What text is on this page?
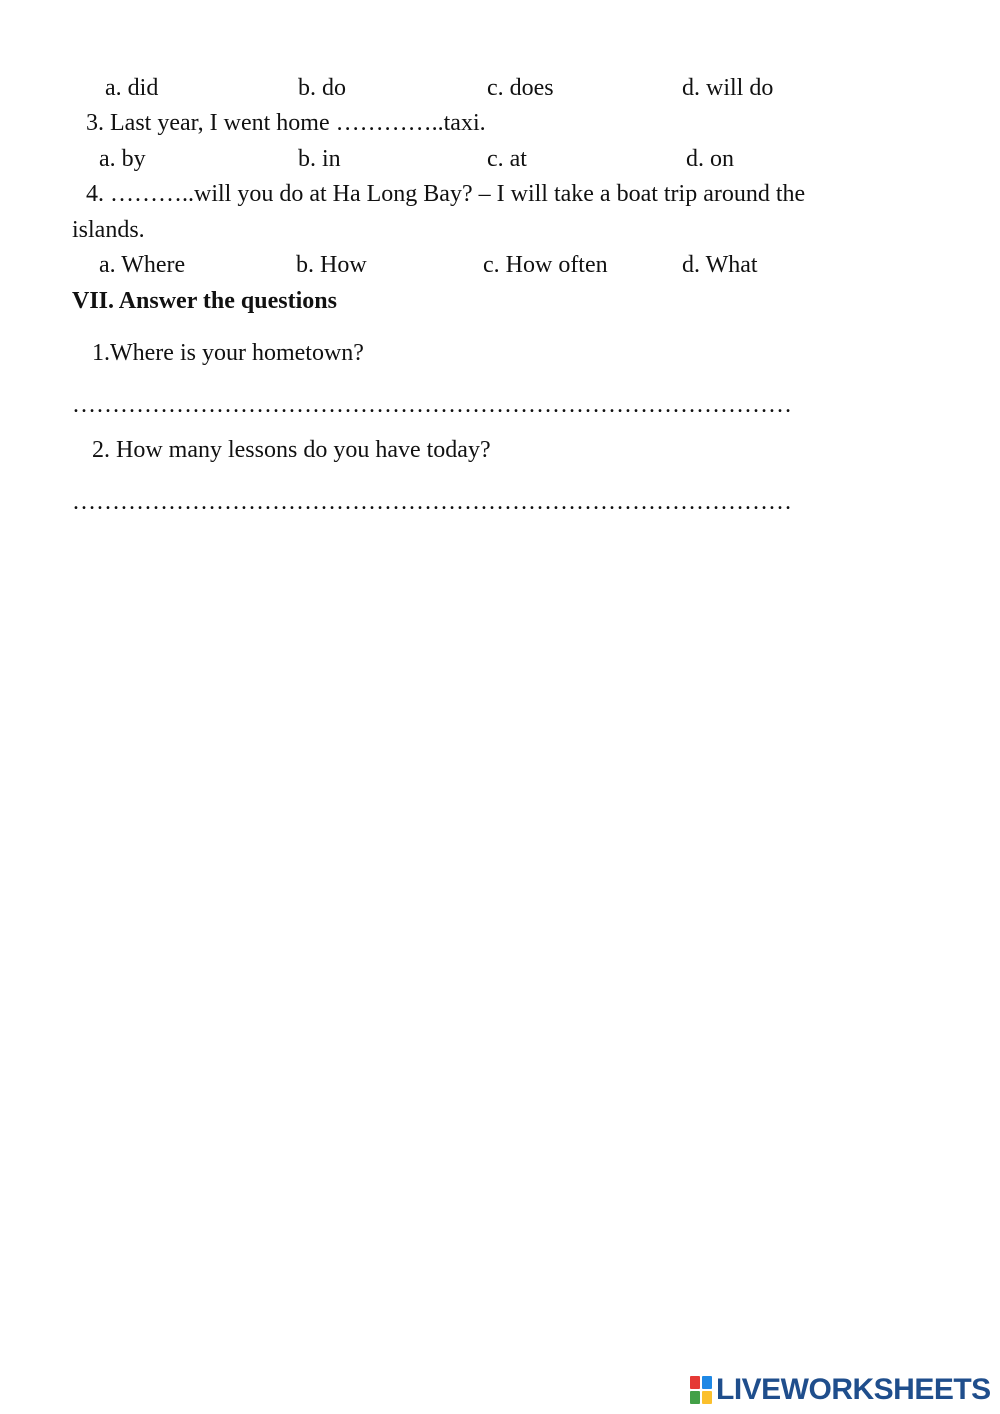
a. did	b. do	c. does	d. will do
3. Last year, I went home …………..taxi.
a. by	b. in	c. at	d. on
4. ………..will you do at Ha Long Bay? – I will take a boat trip around the
islands.
a. Where	b. How	c. How often	d. What
VII. Answer the questions
1.Where is your hometown?
………………………………………………………………………………
2. How many lessons do you have today?
………………………………………………………………………………
LIVEWORKSHEETS
